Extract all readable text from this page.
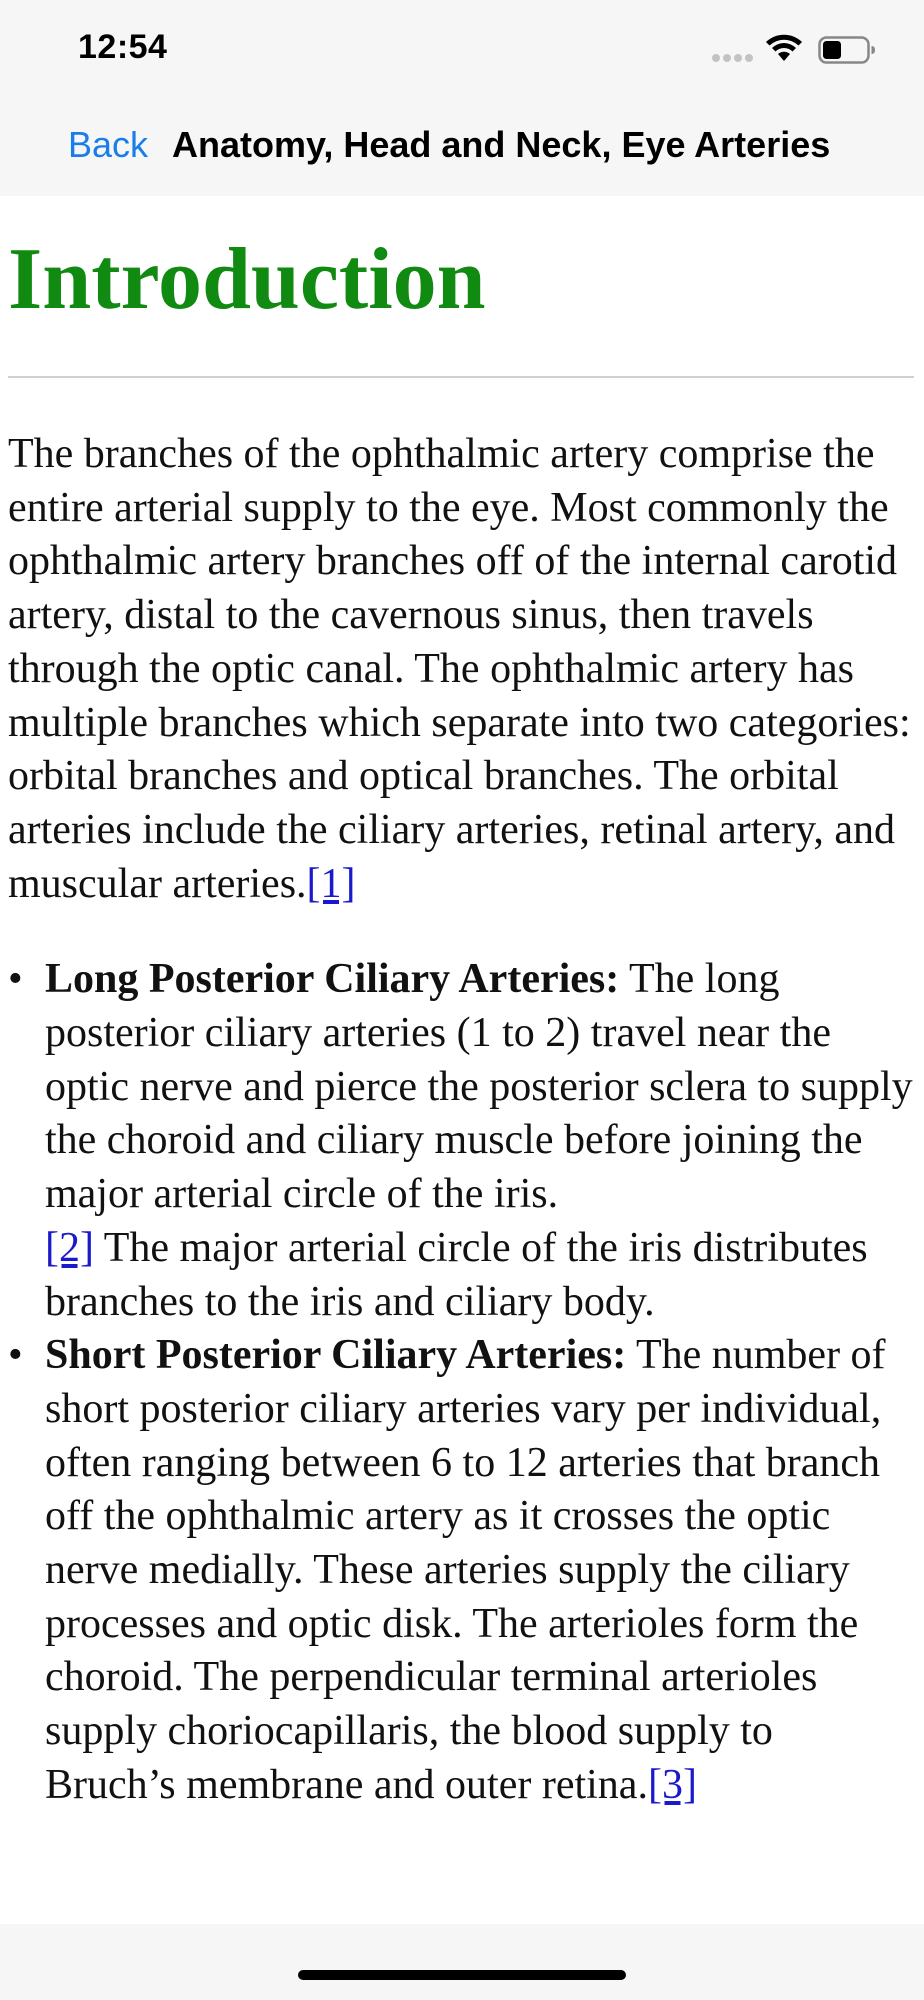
12:54
Back Anatomy, Head and Neck, Eye Arteries
Introduction

The branches of the ophthalmic artery comprise the entire arterial supply to the eye. Most commonly the ophthalmic artery branches off of the internal carotid artery, distal to the cavernous sinus, then travels through the optic canal. The ophthalmic artery has multiple branches which separate into two categories: orbital branches and optical branches. The orbital arteries include the ciliary arteries, retinal artery, and muscular arteries.[1]

• Long Posterior Ciliary Arteries: The long posterior ciliary arteries (1 to 2) travel near the optic nerve and pierce the posterior sclera to supply the choroid and ciliary muscle before joining the major arterial circle of the iris.
[2] The major arterial circle of the iris distributes branches to the iris and ciliary body.
• Short Posterior Ciliary Arteries: The number of short posterior ciliary arteries vary per individual, often ranging between 6 to 12 arteries that branch off the ophthalmic artery as it crosses the optic nerve medially. These arteries supply the ciliary processes and optic disk. The arterioles form the choroid. The perpendicular terminal arterioles supply choriocapillaris, the blood supply to Bruch’s membrane and outer retina.[3]
